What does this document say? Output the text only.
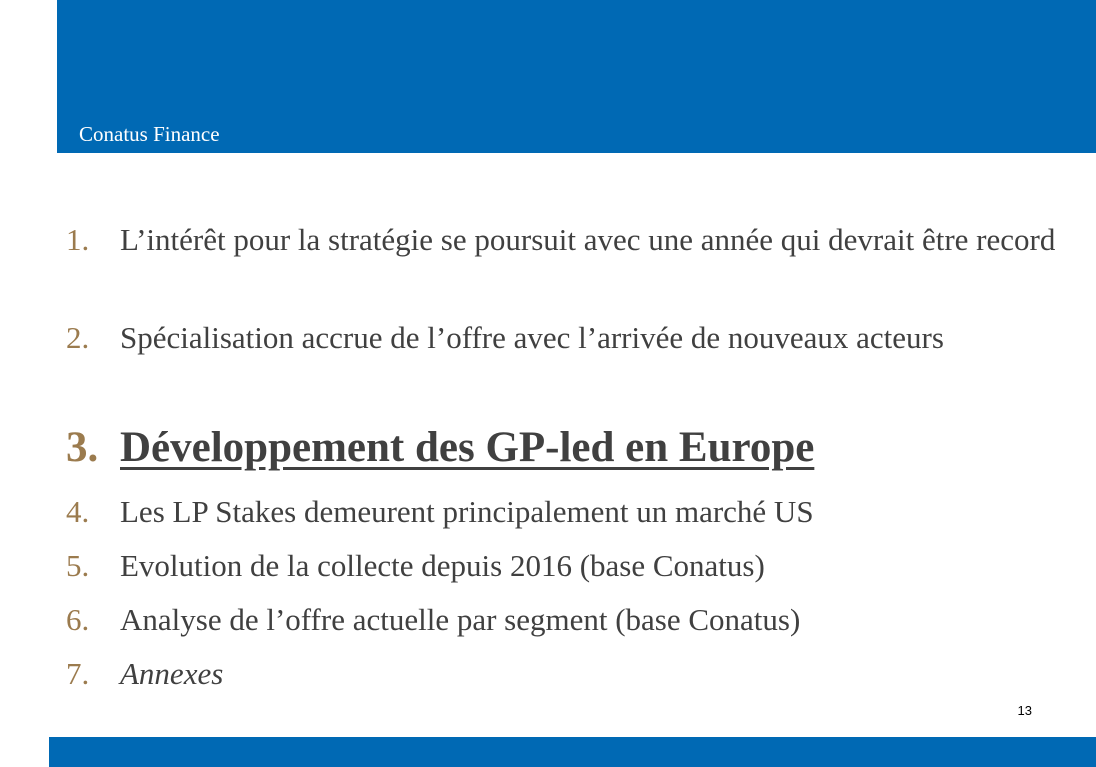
Conatus Finance
1. L’intérêt pour la stratégie se poursuit avec une année qui devrait être record
2. Spécialisation accrue de l’offre avec l’arrivée de nouveaux acteurs
3. Développement des GP-led en Europe
4. Les LP Stakes demeurent principalement un marché US
5. Evolution de la collecte depuis 2016 (base Conatus)
6. Analyse de l’offre actuelle par segment (base Conatus)
7. Annexes
13
